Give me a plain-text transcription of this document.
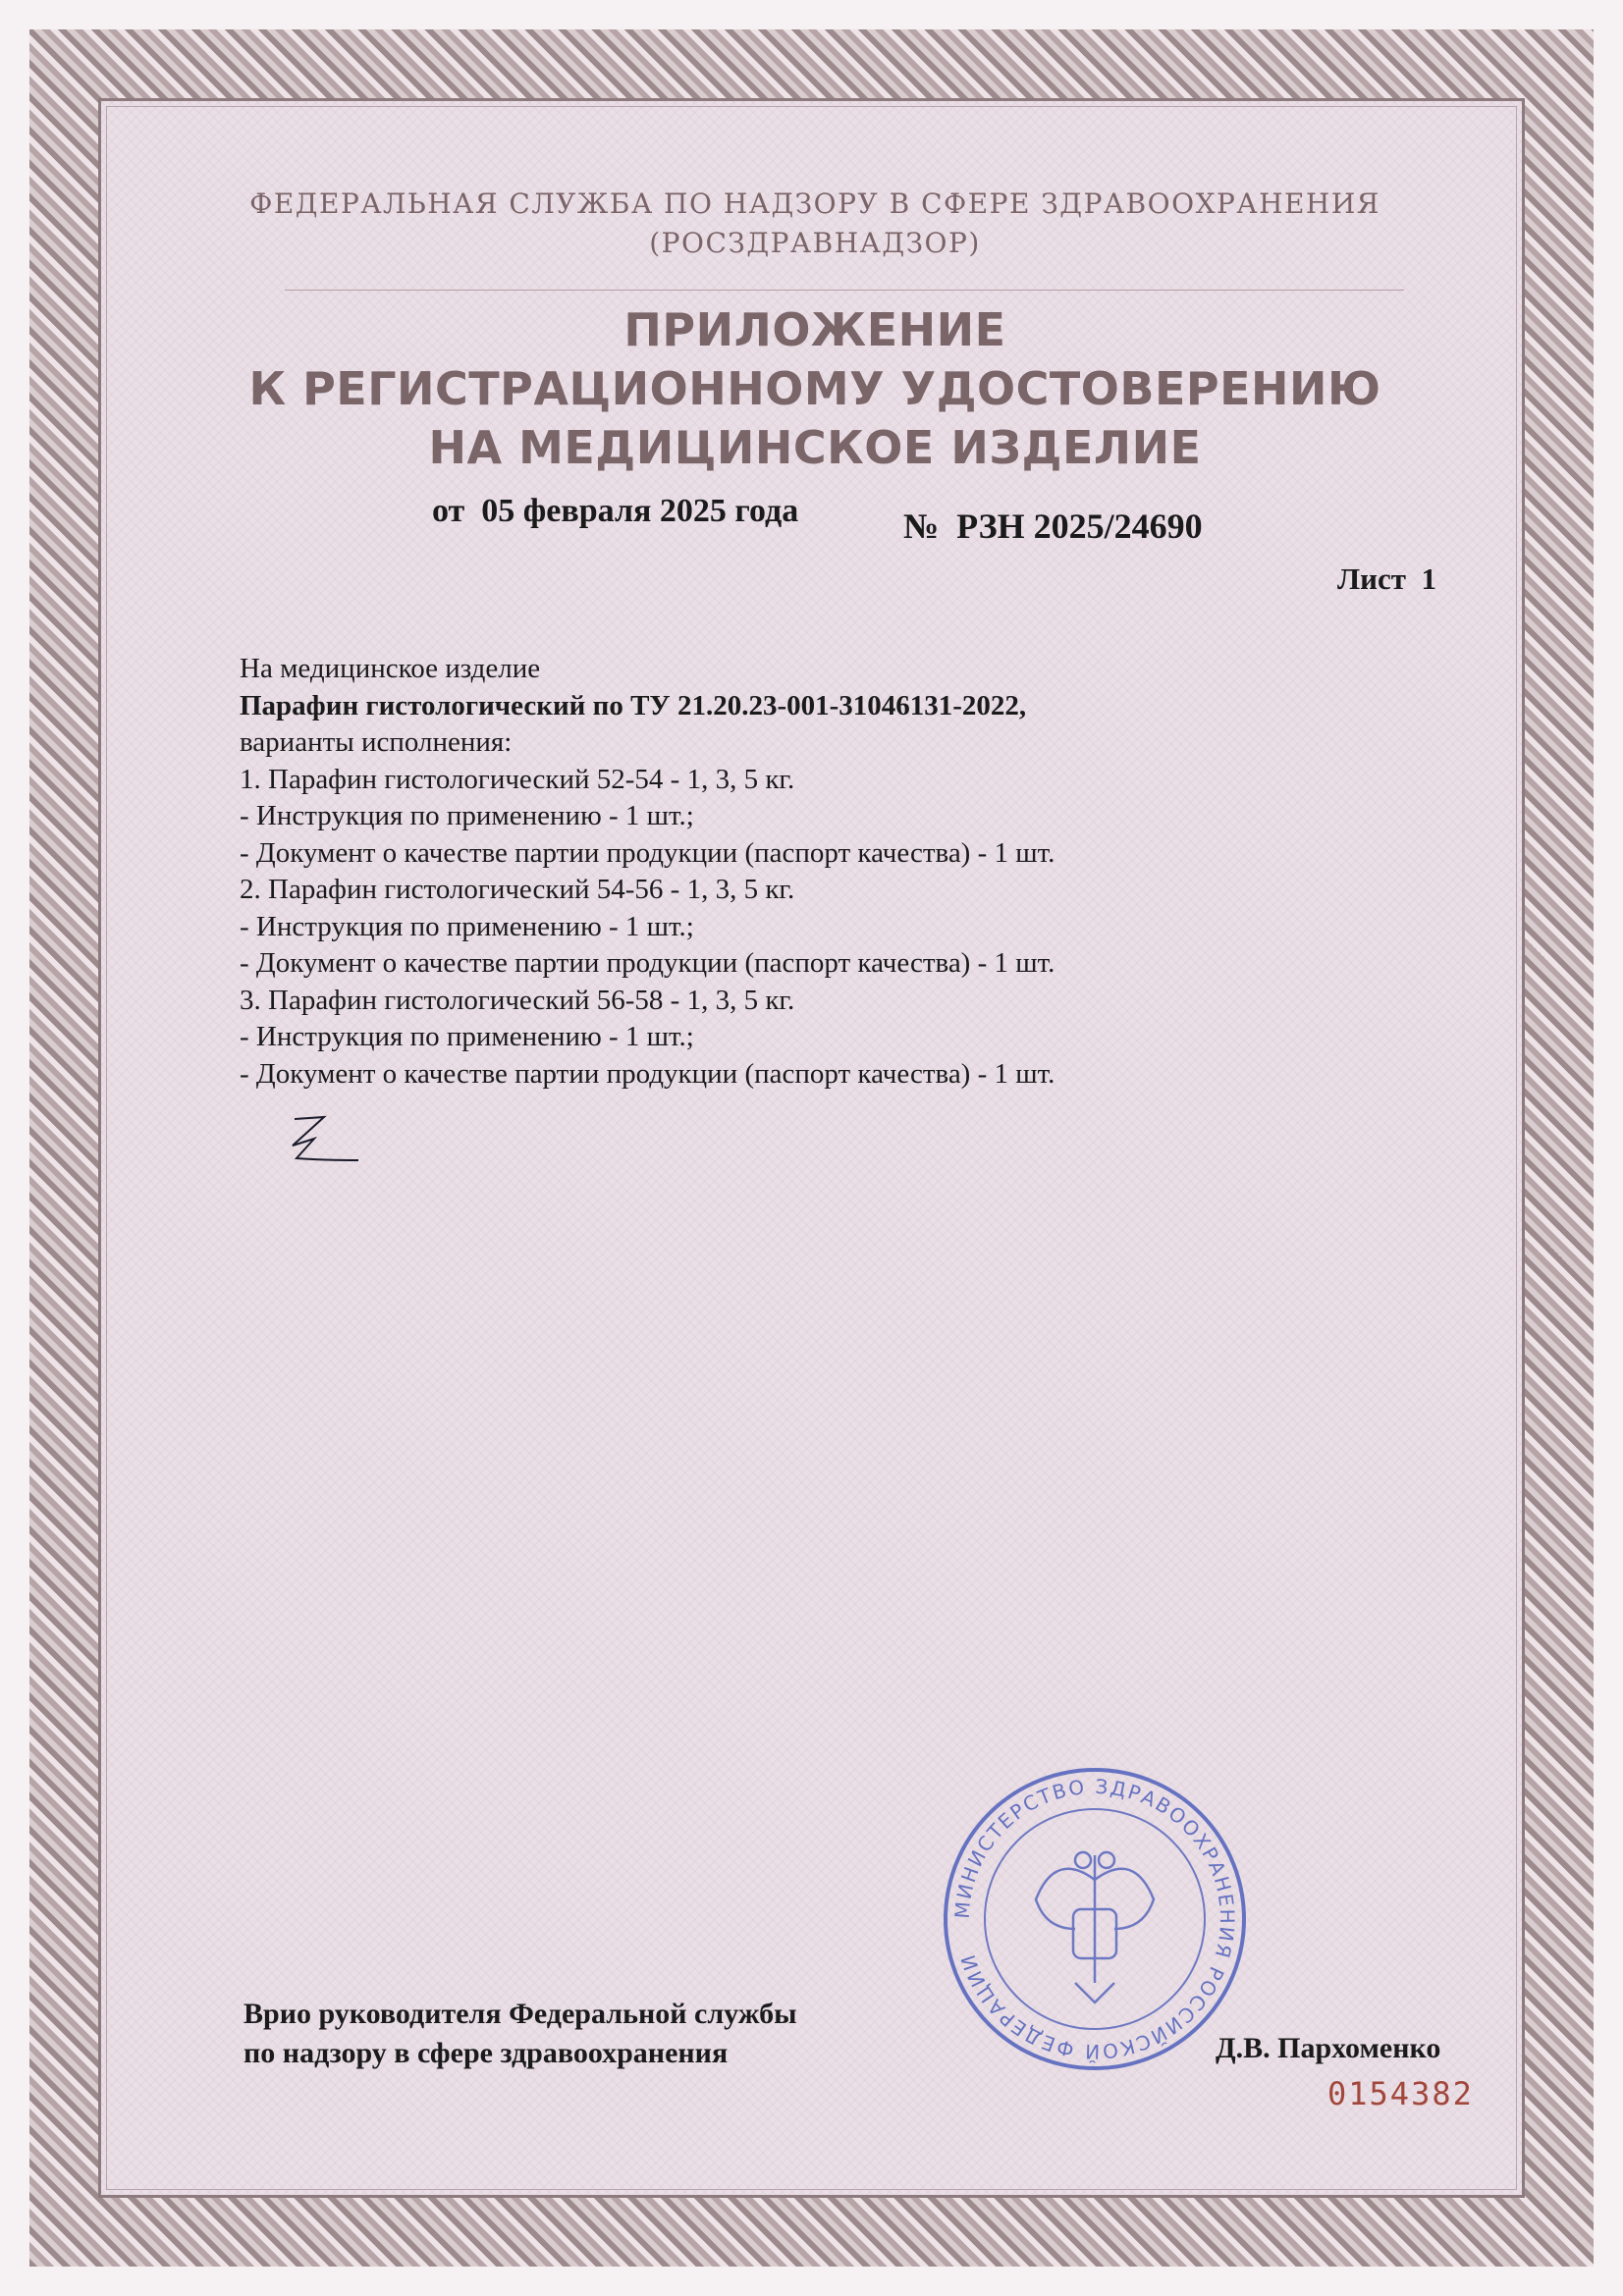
ФЕДЕРАЛЬНАЯ СЛУЖБА ПО НАДЗОРУ В СФЕРЕ ЗДРАВООХРАНЕНИЯ
(РОСЗДРАВНАДЗОР)
ПРИЛОЖЕНИЕ
К РЕГИСТРАЦИОННОМУ УДОСТОВЕРЕНИЮ
НА МЕДИЦИНСКОЕ ИЗДЕЛИЕ
от  05 февраля 2025 года	№  РЗН 2025/24690
Лист  1
На медицинское изделие
Парафин гистологический по ТУ 21.20.23-001-31046131-2022,
варианты исполнения:
1. Парафин гистологический 52-54 - 1, 3, 5 кг.
- Инструкция по применению - 1 шт.;
- Документ о качестве партии продукции (паспорт качества) - 1 шт.
2. Парафин гистологический 54-56 - 1, 3, 5 кг.
- Инструкция по применению - 1 шт.;
- Документ о качестве партии продукции (паспорт качества) - 1 шт.
3. Парафин гистологический 56-58 - 1, 3, 5 кг.
- Инструкция по применению - 1 шт.;
- Документ о качестве партии продукции (паспорт качества) - 1 шт.
МИНИСТЕРСТВО ЗДРАВООХРАНЕНИЯ РОССИЙСКОЙ ФЕДЕРАЦИИ
Врио руководителя Федеральной службы
по надзору в сфере здравоохранения	Д.В. Пархоменко
0154382
